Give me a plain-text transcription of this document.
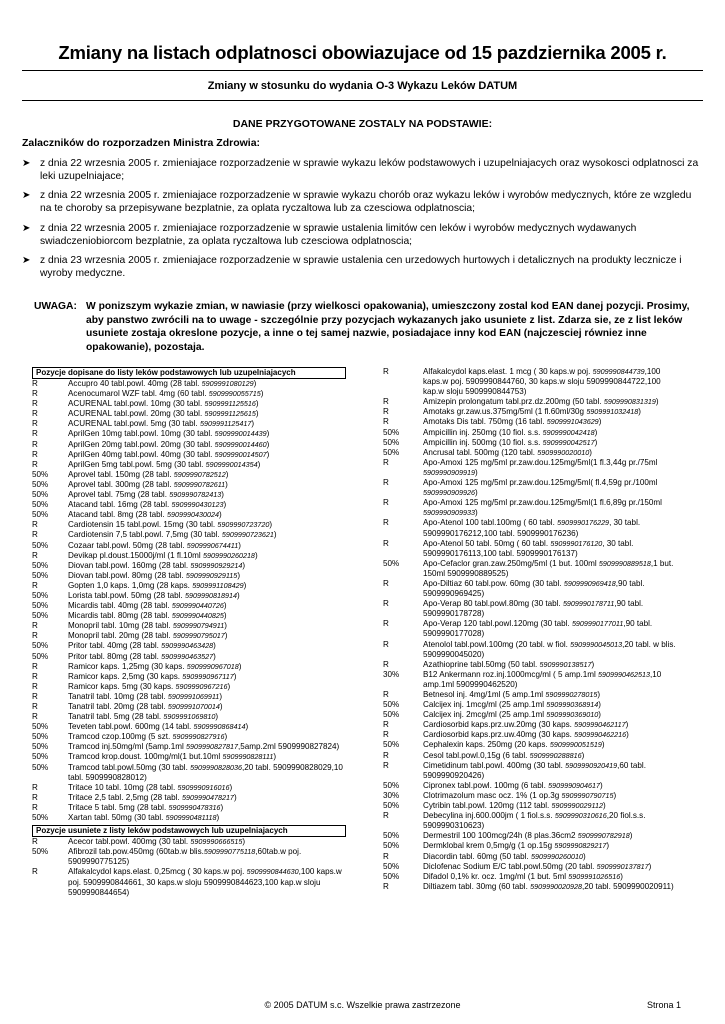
Zmiany na listach odplatnosci obowiazujace od 15 pazdziernika 2005 r.
Zmiany w stosunku do wydania O-3 Wykazu Leków DATUM
DANE PRZYGOTOWANE ZOSTALY NA PODSTAWIE:
Zalaczników do rozporzadzen Ministra Zdrowia:
➤ z dnia 22 wrzesnia 2005 r. zmieniajace rozporzadzenie w sprawie wykazu leków podstawowych i uzupelniajacych oraz wysokosci odplatnosci za leki uzupelniajace;
➤ z dnia 22 wrzesnia 2005 r. zmieniajace rozporzadzenie w sprawie wykazu chorób oraz wykazu leków i wyrobów medycznych, które ze wzgledu na te choroby sa przepisywane bezplatnie, za oplata ryczaltowa lub za czesciowa odplatnoscia;
➤ z dnia 22 wrzesnia 2005 r. zmieniajace rozporzadzenie w sprawie ustalenia limitów cen leków i wyrobów medycznych wydawanych swiadczeniobiorcom bezplatnie, za oplata ryczaltowa lub czesciowa odplatnoscia;
➤ z dnia 23 wrzesnia 2005 r. zmieniajace rozporzadzenie w sprawie ustalenia cen urzedowych hurtowych i detalicznych na produkty lecznicze i wyroby medyczne.
UWAGA: W ponizszym wykazie zmian, w nawiasie (przy wielkosci opakowania), umieszczony zostal kod EAN danej pozycji. Prosimy, aby panstwo zwrócili na to uwage - szczególnie przy pozycjach wykazanych jako usuniete z list. Zdarza sie, ze z list leków usuniete zostaja okreslone pozycje, a inne o tej samej nazwie, posiadajace inny kod EAN (najczesciej równiez inne opakowanie), pozostaja.
Pozycje dopisane do listy leków podstawowych lub uzupelniajacych
R	Accupro 40 tabl.powl. 40mg (28 tabl. 5909991080129)
R	Acenocumarol WZF tabl. 4mg (60 tabl. 5909990055715)
R	ACURENAL tabl.powl. 10mg (30 tabl. 5909991125516)
R	ACURENAL tabl.powl. 20mg (30 tabl. 5909991125615)
R	ACURENAL tabl.powl. 5mg (30 tabl. 5909991125417)
R	AprilGen 10mg tabl.powl. 10mg (30 tabl. 5909990014439)
R	AprilGen 20mg tabl.powl. 20mg (30 tabl. 5909990014460)
R	AprilGen 40mg tabl.powl. 40mg (30 tabl. 5909990014507)
R	AprilGen 5mg tabl.powl. 5mg (30 tabl. 5909990014354)
50%	Aprovel tabl. 150mg (28 tabl. 5909990782512)
50%	Aprovel tabl. 300mg (28 tabl. 5909990782611)
50%	Aprovel tabl. 75mg (28 tabl. 5909990782413)
50%	Atacand tabl. 16mg (28 tabl. 5909990430123)
50%	Atacand tabl. 8mg (28 tabl. 5909990430024)
R	Cardiotensin 15 tabl.powl. 15mg (30 tabl. 5909990723720)
R	Cardiotensin 7,5 tabl.powl. 7,5mg (30 tabl. 5909990723621)
50%	Cozaar tabl.powl. 50mg (28 tabl. 5909990674411)
R	Devikap pl.doust.15000j/ml (1 fl.10ml 5909990260218)
50%	Diovan tabl.powl. 160mg (28 tabl. 5909990929214)
50%	Diovan tabl.powl. 80mg (28 tabl. 5909990929115)
R	Gopten 1,0 kaps. 1,0mg (28 kaps. 5909991108429)
50%	Lorista tabl.powl. 50mg (28 tabl. 5909990818914)
50%	Micardis tabl. 40mg (28 tabl. 5909990440726)
50%	Micardis tabl. 80mg (28 tabl. 5909990440825)
R	Monopril tabl. 10mg (28 tabl. 5909990794911)
R	Monopril tabl. 20mg (28 tabl. 5909990795017)
50%	Pritor tabl. 40mg (28 tabl. 5909990463428)
50%	Pritor tabl. 80mg (28 tabl. 5909990463527)
R	Ramicor kaps. 1,25mg (30 kaps. 5909990967018)
R	Ramicor kaps. 2,5mg (30 kaps. 5909990967117)
R	Ramicor kaps. 5mg (30 kaps. 5909990967216)
R	Tanatril tabl. 10mg (28 tabl. 5909991069911)
R	Tanatril tabl. 20mg (28 tabl. 5909991070014)
R	Tanatril tabl. 5mg (28 tabl. 5909991069810)
50%	Teveten tabl.powl. 600mg (14 tabl. 5909990868414)
50%	Tramcod czop.100mg (5 szt. 5909990827916)
50%	Tramcod inj.50mg/ml (5amp.1ml 5909990827817,5amp.2ml 5909990827824)
50%	Tramcod krop.doust. 100mg/ml(1 but.10ml 5909990828111)
50%	Tramcod tabl.powl.50mg (30 tabl. 5909990828036,20 tabl. 5909990828029,10 tabl. 5909990828012)
R	Tritace 10 tabl. 10mg (28 tabl. 5909990916016)
R	Tritace 2,5 tabl. 2,5mg (28 tabl. 5909990478217)
R	Tritace 5 tabl. 5mg (28 tabl. 5909990478316)
50%	Xartan tabl. 50mg (30 tabl. 5909990481118)
Pozycje usuniete z listy leków podstawowych lub uzupelniajacych
R	Acecor tabl.powl. 400mg (30 tabl. 5909990666515)
50%	Afibrozil tab.pow.450mg (60tab.w blis.5909990775118,60tab.w poj. 5909990775125)
R	Alfakalcydol kaps.elast. 0,25mcg ( 30 kaps.w poj. 5909990844630,100 kaps.w poj. 5909990844661, 30 kaps.w sloju 5909990844623,100 kap.w sloju 5909990844654)
R	Alfakalcydol kaps.elast. 1 mcg ( 30 kaps.w poj. 5909990844739,100 kaps.w poj. 5909990844760, 30 kaps.w sloju 5909990844722,100 kap.w sloju 5909990844753)
R	Amizepin prolongatum tabl.prz.dz.200mg (50 tabl. 5909990831319)
R	Amotaks gr.zaw.us.375mg/5ml (1 fl.60ml/30g 5909991032418)
R	Amotaks Dis tabl. 750mg (16 tabl. 5909991043629)
50%	Ampicillin inj. 250mg (10 fiol. s.s. 5909990042418)
50%	Ampicillin inj. 500mg (10 fiol. s.s. 5909990042517)
50%	Ancrusal tabl. 500mg (120 tabl. 5909990020010)
R	Apo-Amoxi 125 mg/5ml pr.zaw.dou.125mg/5ml(1 fl.3,44g pr./75ml 5909990909919)
R	Apo-Amoxi 125 mg/5ml pr.zaw.dou.125mg/5ml( fl.4,59g pr./100ml 5909990909926)
R	Apo-Amoxi 125 mg/5ml pr.zaw.dou.125mg/5ml(1 fl.6,89g pr./150ml 5909990909933)
R	Apo-Atenol 100 tabl.100mg ( 60 tabl. 5909990176229, 30 tabl. 5909990176212,100 tabl. 5909990176236)
R	Apo-Atenol 50 tabl. 50mg ( 60 tabl. 5909990176120, 30 tabl. 5909990176113,100 tabl. 5909990176137)
50%	Apo-Cefaclor gran.zaw.250mg/5ml (1 but. 100ml 5909990889518,1 but. 150ml 5909990889525)
R	Apo-Diltiaz 60 tabl.pow. 60mg (30 tabl. 5909990969418,90 tabl. 5909990969425)
R	Apo-Verap 80 tabl.powl.80mg (30 tabl. 5909990178711,90 tabl. 5909990178728)
R	Apo-Verap 120 tabl.powl.120mg (30 tabl. 5909990177011,90 tabl. 5909990177028)
R	Atenolol tabl.powl.100mg (20 tabl. w fiol. 5909990045013,20 tabl. w blis. 5909990045020)
R	Azathioprine tabl.50mg (50 tabl. 5909990138517)
30%	B12 Ankermann roz.inj.1000mcg/ml ( 5 amp.1ml 5909990462513,10 amp.1ml 5909990462520)
R	Betnesol inj. 4mg/1ml (5 amp.1ml 5909990278015)
50%	Calcijex inj. 1mcg/ml (25 amp.1ml 5909990368914)
50%	Calcijex inj. 2mcg/ml (25 amp.1ml 5909990369010)
R	Cardiosorbid kaps.prz.uw.20mg (30 kaps. 5909990462117)
R	Cardiosorbid kaps.prz.uw.40mg (30 kaps. 5909990462216)
50%	Cephalexin kaps. 250mg (20 kaps. 5909990051519)
R	Cesol tabl.powl.0,15g (6 tabl. 5909990288816)
R	Cimetidinum tabl.powl. 400mg (30 tabl. 5909990920419,60 tabl. 5909990920426)
50%	Cipronex tabl.powl. 100mg (6 tabl. 5909990904617)
30%	Clotrimazolum masc ocz. 1% (1 op.3g 5909990790715)
50%	Cytribin tabl.powl. 120mg (112 tabl. 5909990029112)
R	Debecylina inj.600.000jm ( 1 fiol.s.s. 5909990310616,20 fiol.s.s. 5909990310623)
50%	Dermestril 100 100mcg/24h (8 plas.36cm2 5909990782918)
50%	Dermklobal krem 0,5mg/g (1 op.15g 5909990829217)
R	Diacordin tabl. 60mg (50 tabl. 5909990260010)
50%	Diclofenac Sodium E/C tabl.powl.50mg (20 tabl. 5909990137817)
50%	Difadol 0,1% kr. ocz. 1mg/ml (1 but. 5ml 5909991026516)
R	Diltiazem tabl. 30mg (60 tabl. 5909990020928,20 tabl. 5909990020911)
© 2005 DATUM s.c. Wszelkie prawa zastrzezone	Strona 1
